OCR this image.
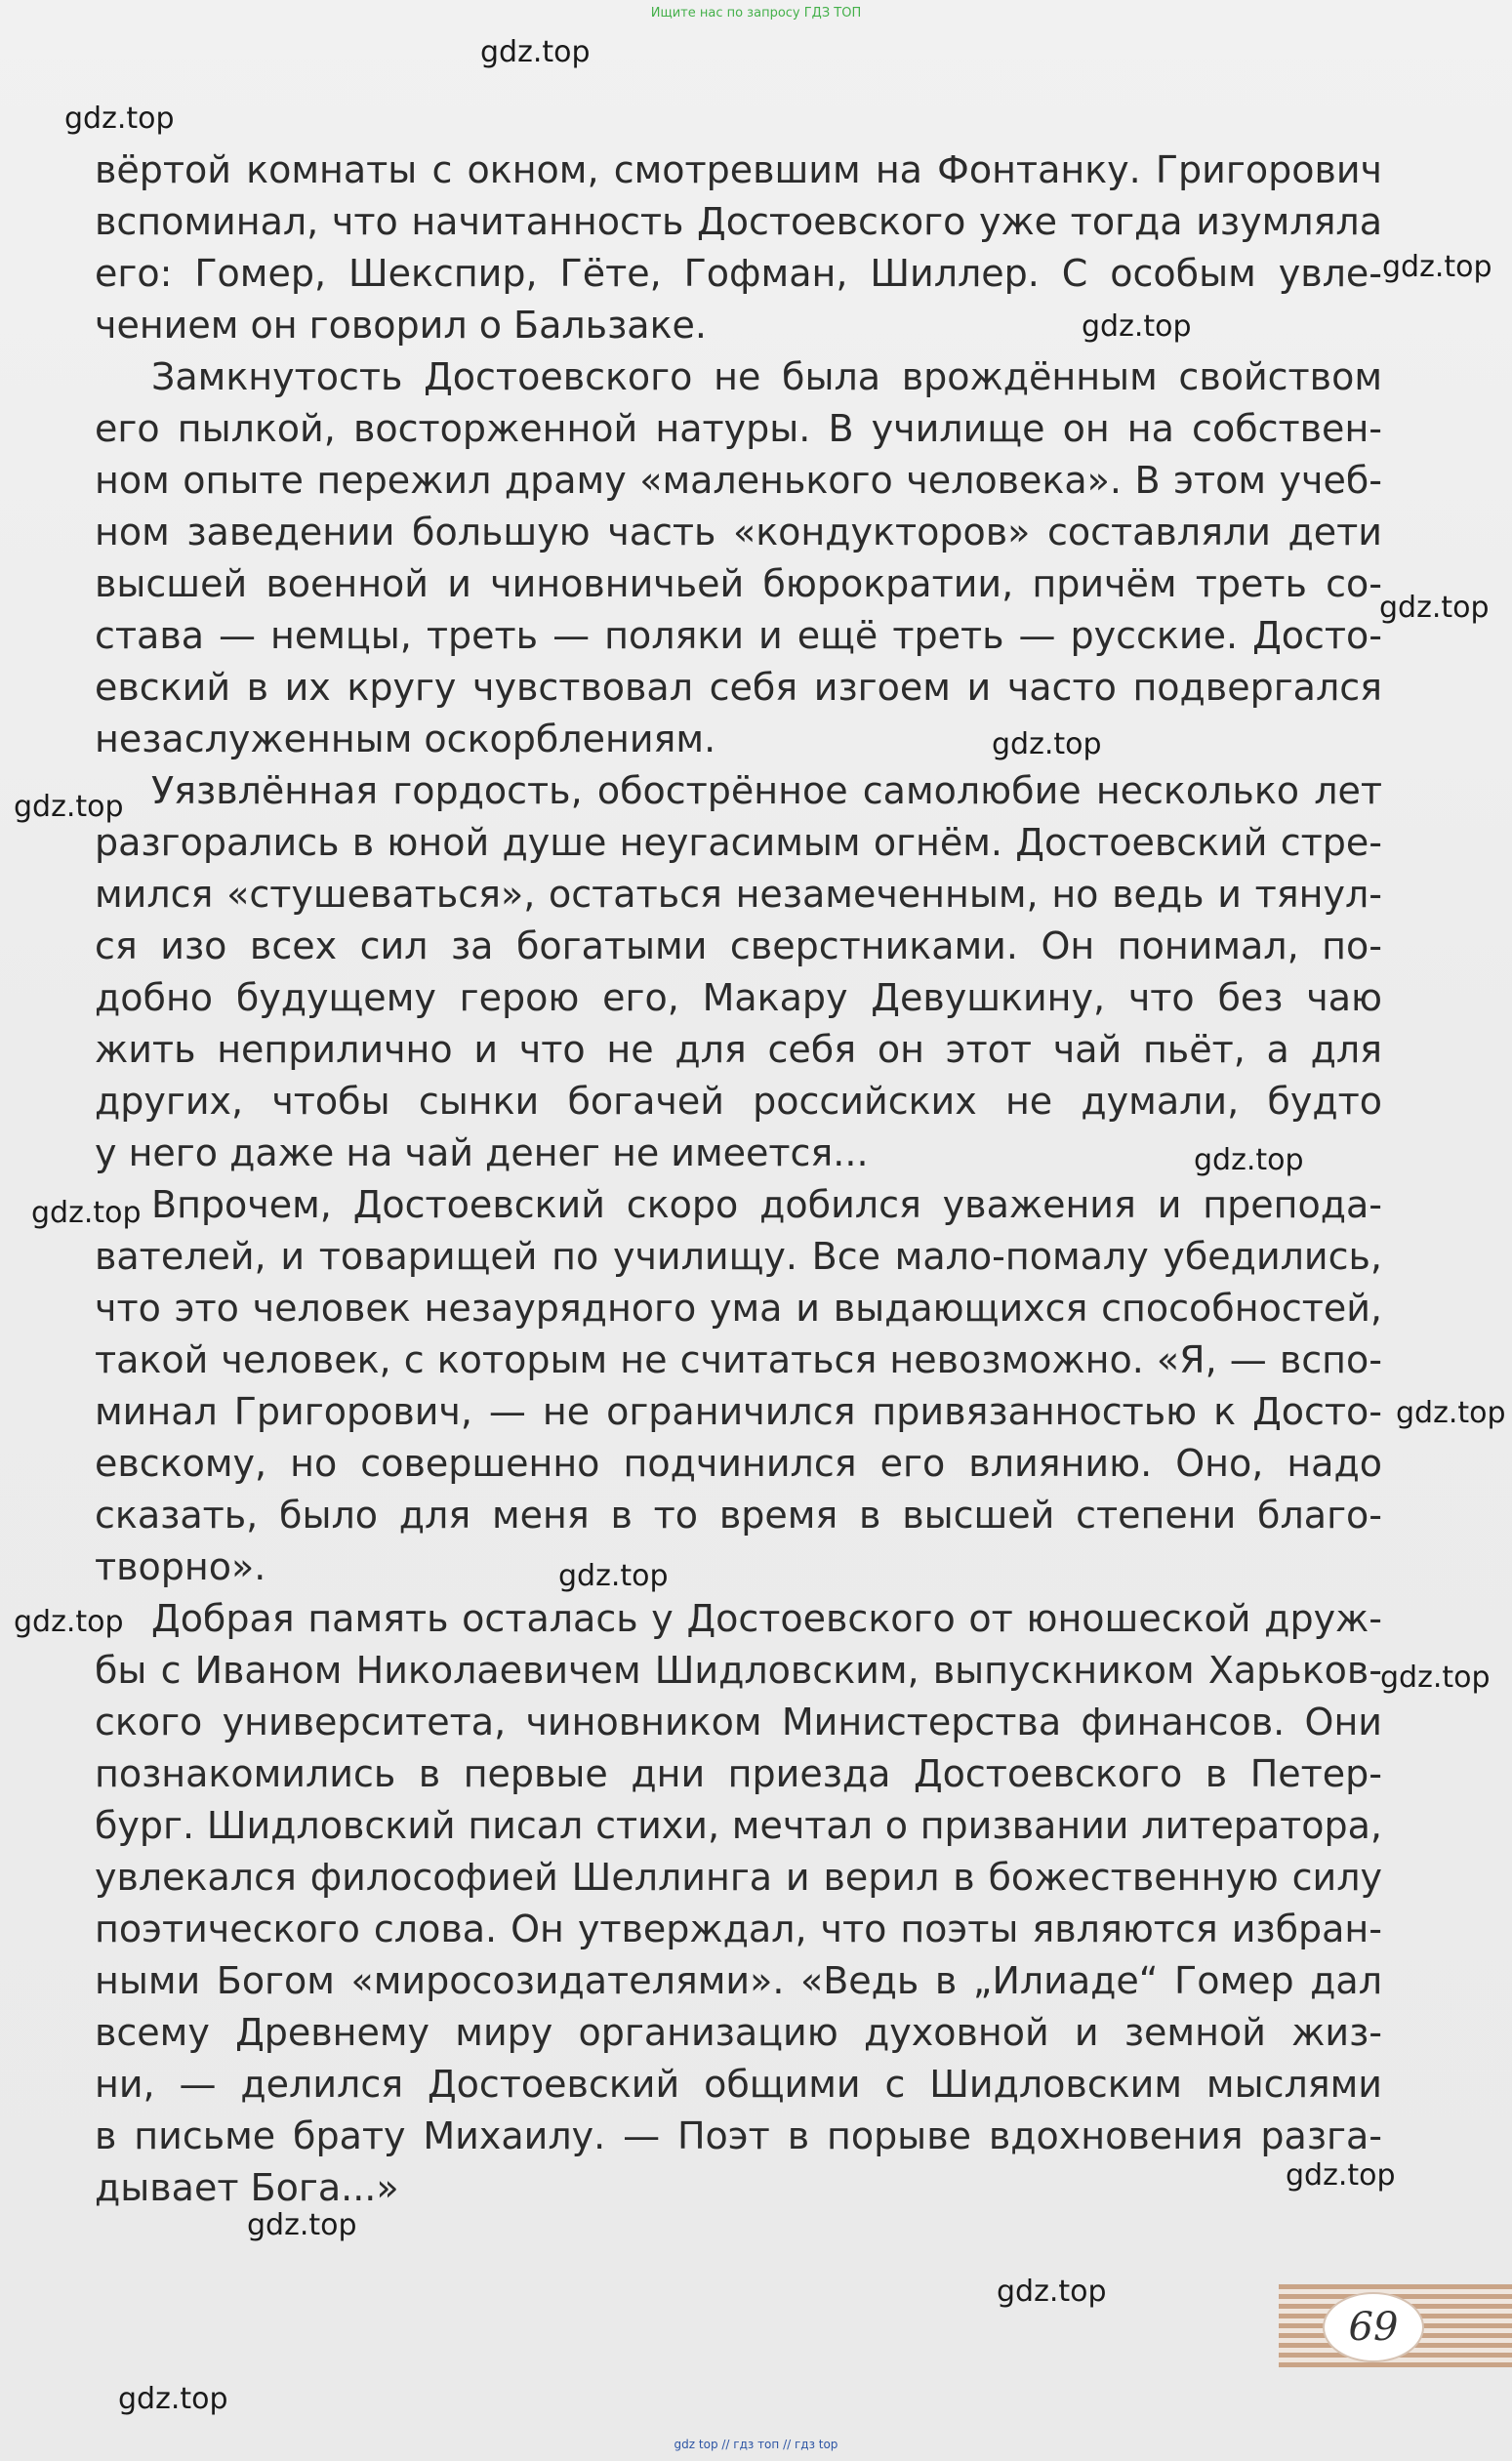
Ищите нас по запросу ГДЗ ТОП
вёртой комнаты с окном, смотревшим на Фонтанку. Григорович
вспоминал, что начитанность Достоевского уже тогда изумляла
его: Гомер, Шекспир, Гёте, Гофман, Шиллер. С особым увле-
чением он говорил о Бальзаке.
Замкнутость Достоевского не была врождённым свойством
его пылкой, восторженной натуры. В училище он на собствен-
ном опыте пережил драму «маленького человека». В этом учеб-
ном заведении большую часть «кондукторов» составляли дети
высшей военной и чиновничьей бюрократии, причём треть со-
става — немцы, треть — поляки и ещё треть — русские. Досто-
евский в их кругу чувствовал себя изгоем и часто подвергался
незаслуженным оскорблениям.
Уязвлённая гордость, обострённое самолюбие несколько лет
разгорались в юной душе неугасимым огнём. Достоевский стре-
мился «стушеваться», остаться незамеченным, но ведь и тянул-
ся изо всех сил за богатыми сверстниками. Он понимал, по-
добно будущему герою его, Макару Девушкину, что без чаю
жить неприлично и что не для себя он этот чай пьёт, а для
других, чтобы сынки богачей российских не думали, будто
у него даже на чай денег не имеется...
Впрочем, Достоевский скоро добился уважения и препода-
вателей, и товарищей по училищу. Все мало-помалу убедились,
что это человек незаурядного ума и выдающихся способностей,
такой человек, с которым не считаться невозможно. «Я, — вспо-
минал Григорович, — не ограничился привязанностью к Досто-
евскому, но совершенно подчинился его влиянию. Оно, надо
сказать, было для меня в то время в высшей степени благо-
творно».
Добрая память осталась у Достоевского от юношеской друж-
бы с Иваном Николаевичем Шидловским, выпускником Харьков-
ского университета, чиновником Министерства финансов. Они
познакомились в первые дни приезда Достоевского в Петер-
бург. Шидловский писал стихи, мечтал о призвании литератора,
увлекался философией Шеллинга и верил в божественную силу
поэтического слова. Он утверждал, что поэты являются избран-
ными Богом «миросозидателями». «Ведь в „Илиаде“ Гомер дал
всему Древнему миру организацию духовной и земной жиз-
ни, — делился Достоевский общими с Шидловским мыслями
в письме брату Михаилу. — Поэт в порыве вдохновения разга-
дывает Бога...»
gdz.top
gdz.top
gdz.top
gdz.top
gdz.top
gdz.top
gdz.top
gdz.top
gdz.top
gdz.top
gdz.top
gdz.top
gdz.top
gdz.top
gdz.top
gdz.top
gdz.top
69
gdz top // гдз топ // гдз top
